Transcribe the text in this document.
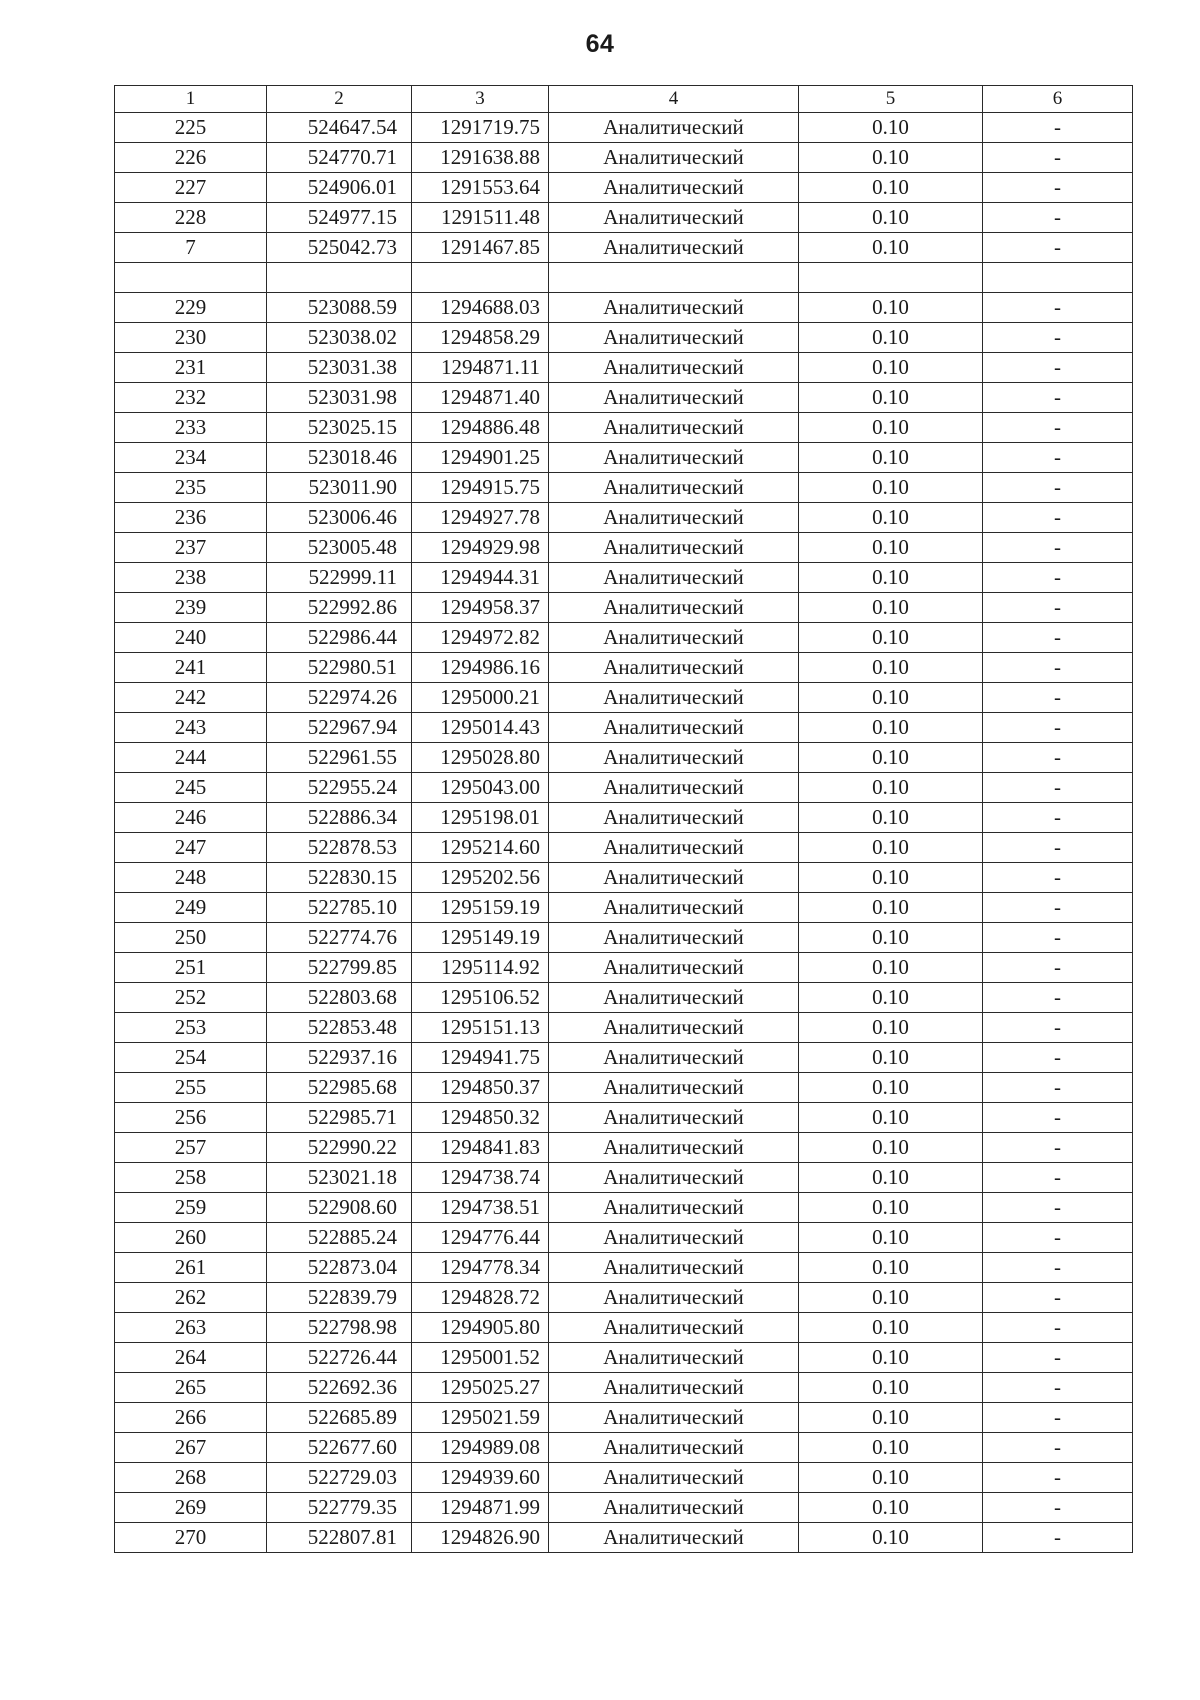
64
1	2	3	4	5	6
225	524647.54	1291719.75	Аналитический	0.10	-
226	524770.71	1291638.88	Аналитический	0.10	-
227	524906.01	1291553.64	Аналитический	0.10	-
228	524977.15	1291511.48	Аналитический	0.10	-
7	525042.73	1291467.85	Аналитический	0.10	-

229	523088.59	1294688.03	Аналитический	0.10	-
230	523038.02	1294858.29	Аналитический	0.10	-
231	523031.38	1294871.11	Аналитический	0.10	-
232	523031.98	1294871.40	Аналитический	0.10	-
233	523025.15	1294886.48	Аналитический	0.10	-
234	523018.46	1294901.25	Аналитический	0.10	-
235	523011.90	1294915.75	Аналитический	0.10	-
236	523006.46	1294927.78	Аналитический	0.10	-
237	523005.48	1294929.98	Аналитический	0.10	-
238	522999.11	1294944.31	Аналитический	0.10	-
239	522992.86	1294958.37	Аналитический	0.10	-
240	522986.44	1294972.82	Аналитический	0.10	-
241	522980.51	1294986.16	Аналитический	0.10	-
242	522974.26	1295000.21	Аналитический	0.10	-
243	522967.94	1295014.43	Аналитический	0.10	-
244	522961.55	1295028.80	Аналитический	0.10	-
245	522955.24	1295043.00	Аналитический	0.10	-
246	522886.34	1295198.01	Аналитический	0.10	-
247	522878.53	1295214.60	Аналитический	0.10	-
248	522830.15	1295202.56	Аналитический	0.10	-
249	522785.10	1295159.19	Аналитический	0.10	-
250	522774.76	1295149.19	Аналитический	0.10	-
251	522799.85	1295114.92	Аналитический	0.10	-
252	522803.68	1295106.52	Аналитический	0.10	-
253	522853.48	1295151.13	Аналитический	0.10	-
254	522937.16	1294941.75	Аналитический	0.10	-
255	522985.68	1294850.37	Аналитический	0.10	-
256	522985.71	1294850.32	Аналитический	0.10	-
257	522990.22	1294841.83	Аналитический	0.10	-
258	523021.18	1294738.74	Аналитический	0.10	-
259	522908.60	1294738.51	Аналитический	0.10	-
260	522885.24	1294776.44	Аналитический	0.10	-
261	522873.04	1294778.34	Аналитический	0.10	-
262	522839.79	1294828.72	Аналитический	0.10	-
263	522798.98	1294905.80	Аналитический	0.10	-
264	522726.44	1295001.52	Аналитический	0.10	-
265	522692.36	1295025.27	Аналитический	0.10	-
266	522685.89	1295021.59	Аналитический	0.10	-
267	522677.60	1294989.08	Аналитический	0.10	-
268	522729.03	1294939.60	Аналитический	0.10	-
269	522779.35	1294871.99	Аналитический	0.10	-
270	522807.81	1294826.90	Аналитический	0.10	-
